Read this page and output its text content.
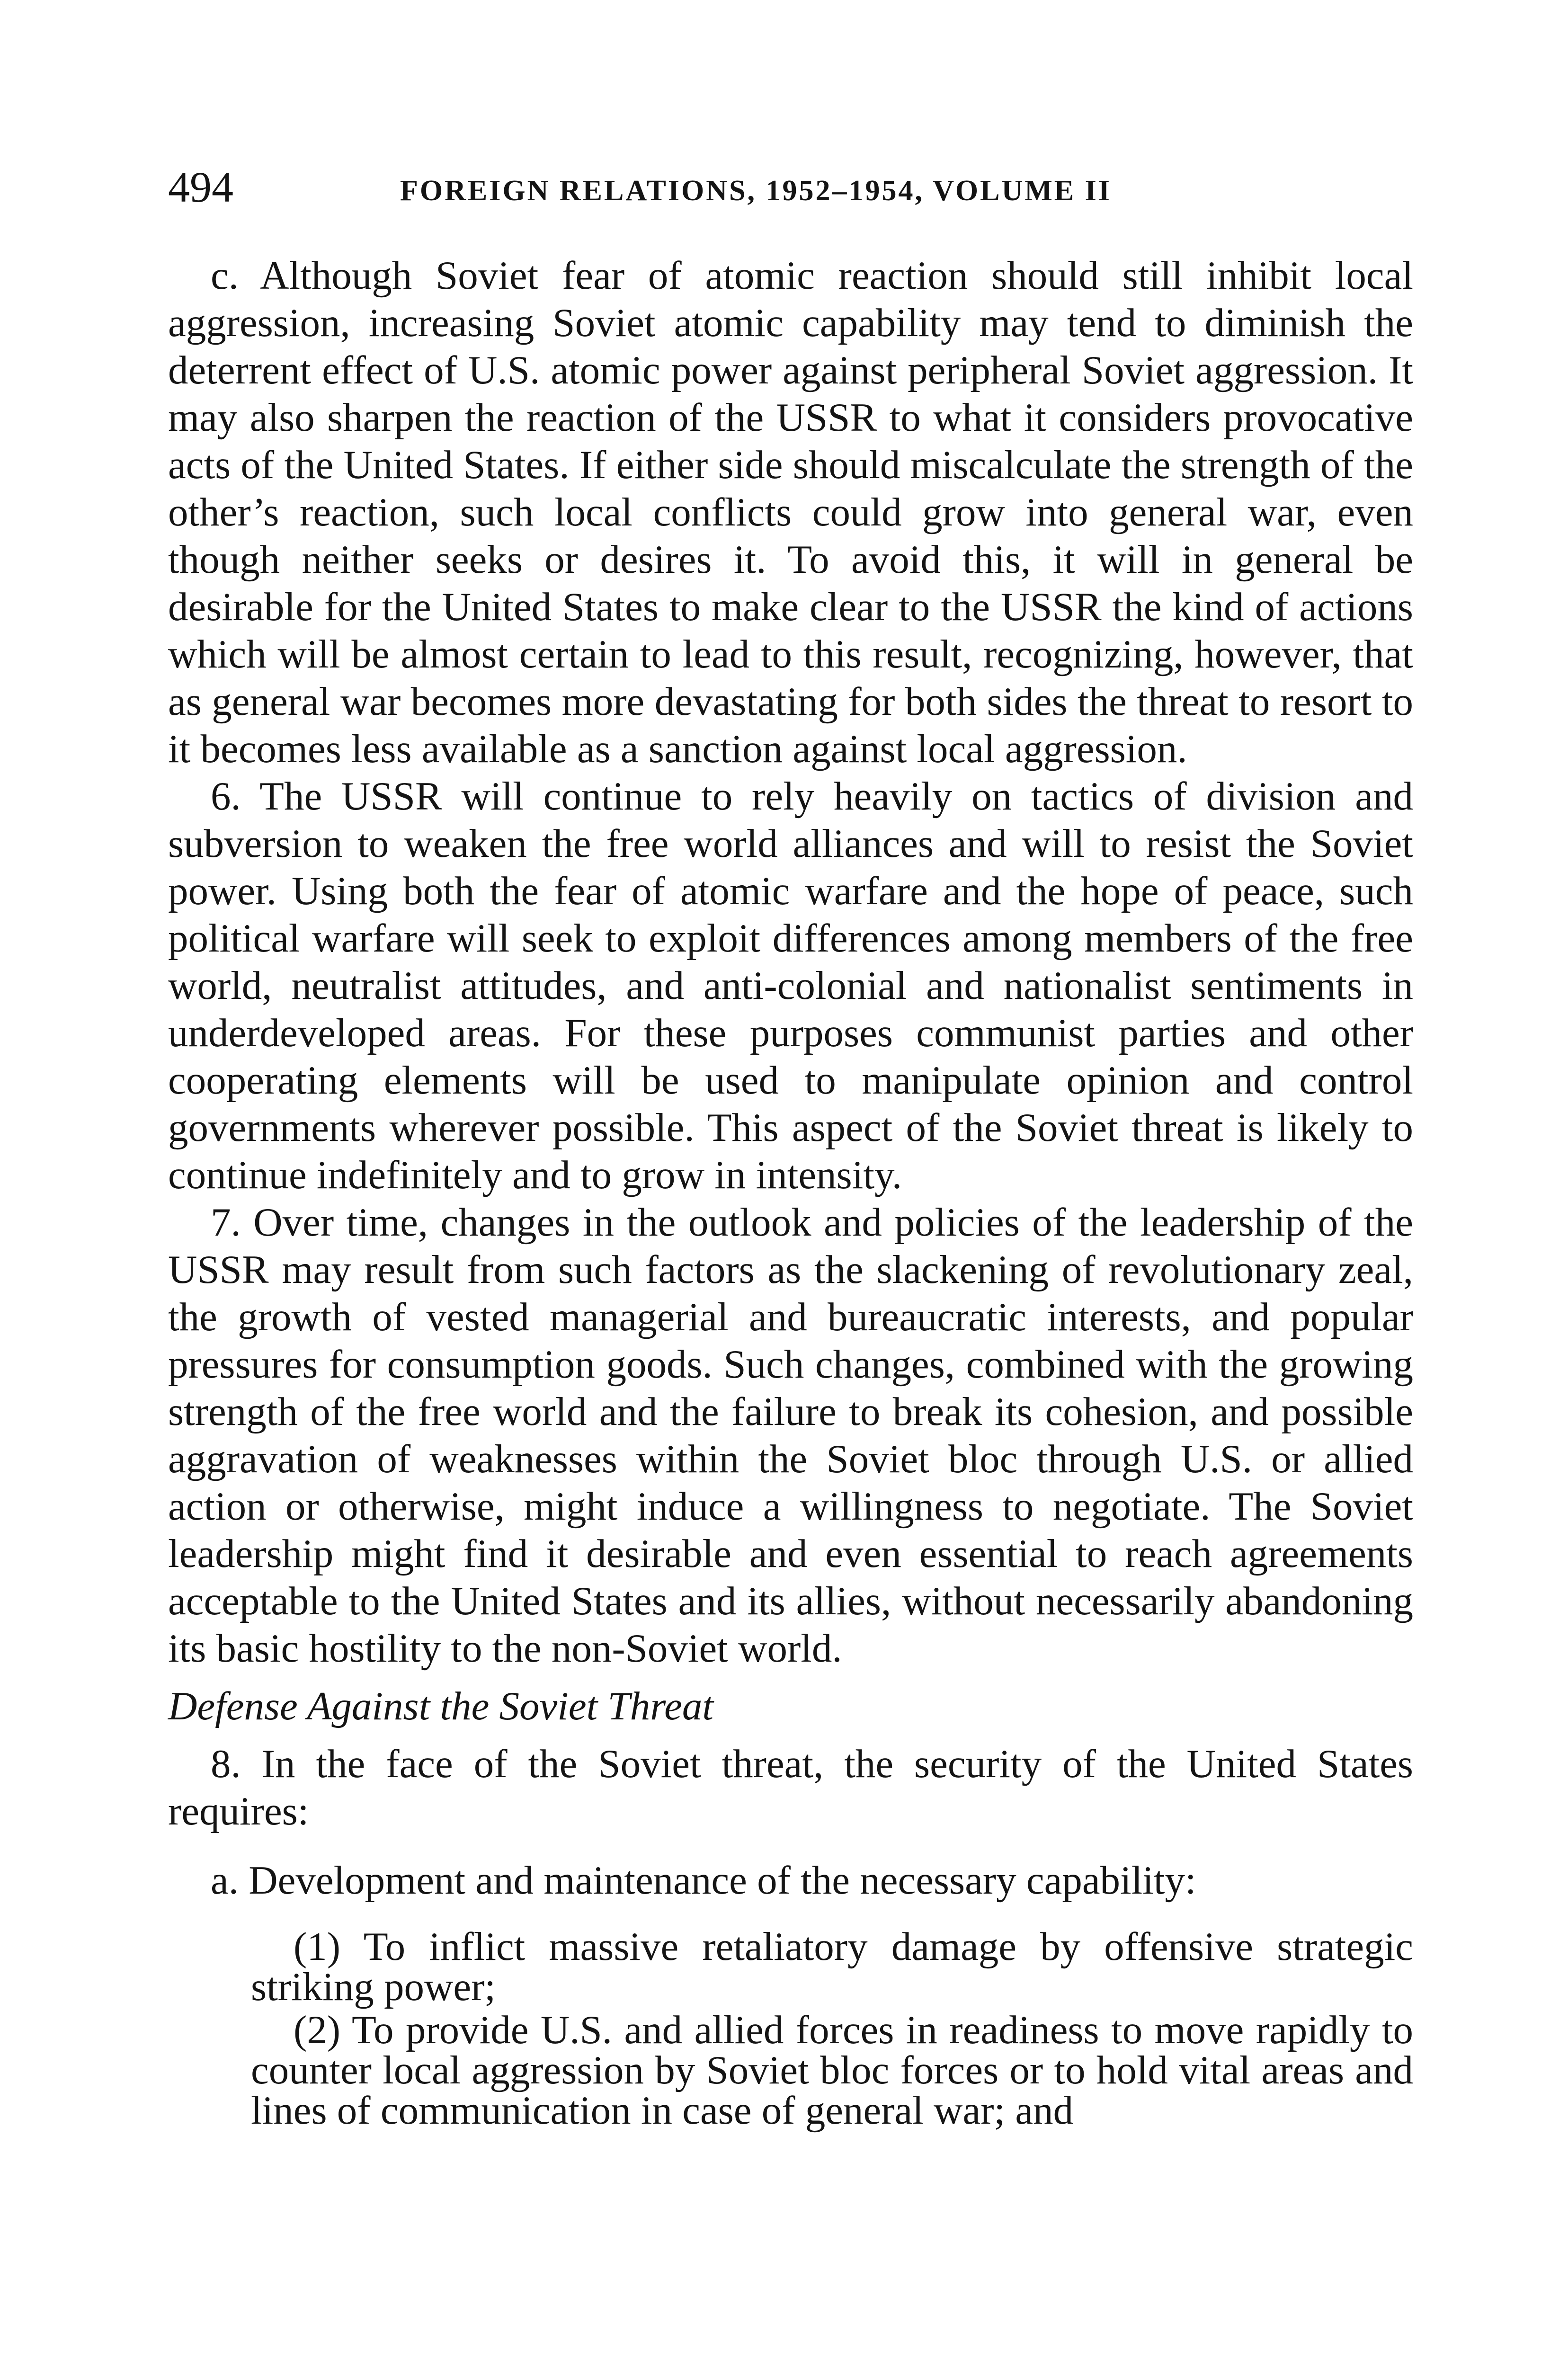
494	FOREIGN RELATIONS, 1952–1954, VOLUME II

c. Although Soviet fear of atomic reaction should still inhibit local aggression, increasing Soviet atomic capability may tend to diminish the deterrent effect of U.S. atomic power against peripheral Soviet aggression. It may also sharpen the reaction of the USSR to what it considers provocative acts of the United States. If either side should miscalculate the strength of the other’s reaction, such local conflicts could grow into general war, even though neither seeks or desires it. To avoid this, it will in general be desirable for the United States to make clear to the USSR the kind of actions which will be almost certain to lead to this result, recognizing, however, that as general war becomes more devastating for both sides the threat to resort to it becomes less available as a sanction against local aggression.

6. The USSR will continue to rely heavily on tactics of division and subversion to weaken the free world alliances and will to resist the Soviet power. Using both the fear of atomic warfare and the hope of peace, such political warfare will seek to exploit differences among members of the free world, neutralist attitudes, and anti-colonial and nationalist sentiments in underdeveloped areas. For these purposes communist parties and other cooperating elements will be used to manipulate opinion and control governments wherever possible. This aspect of the Soviet threat is likely to continue indefinitely and to grow in intensity.

7. Over time, changes in the outlook and policies of the leadership of the USSR may result from such factors as the slackening of revolutionary zeal, the growth of vested managerial and bureaucratic interests, and popular pressures for consumption goods. Such changes, combined with the growing strength of the free world and the failure to break its cohesion, and possible aggravation of weaknesses within the Soviet bloc through U.S. or allied action or otherwise, might induce a willingness to negotiate. The Soviet leadership might find it desirable and even essential to reach agreements acceptable to the United States and its allies, without necessarily abandoning its basic hostility to the non-Soviet world.

Defense Against the Soviet Threat

8. In the face of the Soviet threat, the security of the United States requires:

a. Development and maintenance of the necessary capability:

(1) To inflict massive retaliatory damage by offensive strategic striking power;

(2) To provide U.S. and allied forces in readiness to move rapidly to counter local aggression by Soviet bloc forces or to hold vital areas and lines of communication in case of general war; and
